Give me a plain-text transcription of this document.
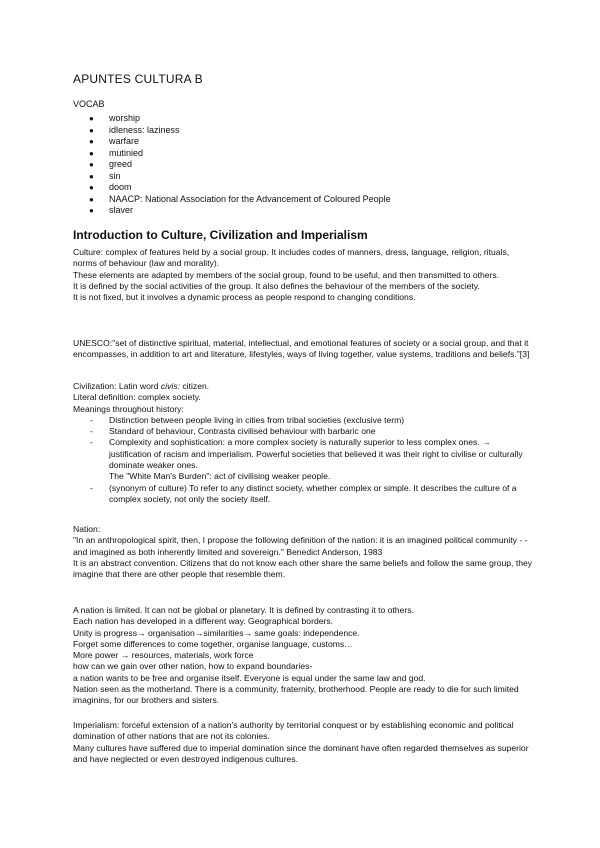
APUNTES CULTURA B
VOCAB
● worship
● idleness: laziness
● warfare
● mutinied
● greed
● sin
● doom
● NAACP: National Association for the Advancement of Coloured People
● slaver
Introduction to Culture, Civilization and Imperialism

Culture: complex of features held by a social group. It includes codes of manners, dress, language, religion, rituals, norms of behaviour (law and morality).

These elements are adapted by members of the social group, found to be useful, and then transmitted to others.

It is defined by the social activities of the group. It also defines the behaviour of the members of the society.

It is not fixed, but it involves a dynamic process as people respond to changing conditions.

UNESCO:"set of distinctive spiritual, material, intellectual, and emotional features of society or a social group, and that it encompasses, in addition to art and literature, lifestyles, ways of living together, value systems, traditions and beliefs."[3]

Civilization: Latin word civis: citizen.

Literal definition: complex society.

Meanings throughout history:

- Distinction between people living in cities from tribal societies (exclusive term)
- Standard of behaviour, Contrasta civilised behaviour with barbaric one
- Complexity and sophistication: a more complex society is naturally superior to less complex ones. → justification of racism and imperialism. Powerful societies that believed it was their right to civilise or culturally dominate weaker ones.
The "White Man's Burden": act of civilising weaker people.
- (synonym of culture) To refer to any distinct society, whether complex or simple. It describes the culture of a complex society, not only the society itself.

Nation:

"In an anthropological spirit, then, I propose the following definition of the nation: it is an imagined political community - - and imagined as both inherently limited and sovereign." Benedict Anderson, 1983

It is an abstract convention. Citizens that do not know each other share the same beliefs and follow the same group, they imagine that there are other people that resemble them.

A nation is limited. It can not be global or planetary. It is defined by contrasting it to others.

Each nation has developed in a different way. Geographical borders.

Unity is progress→ organisation→similarities→ same goals: independence.

Forget some differences to come together, organise language, customs…

More power → resources, materials, work force

how can we gain over other nation, how to expand boundaries-

a nation wants to be free and organise itself. Everyone is equal under the same law and god.

Nation seen as the motherland. There is a community, fraternity, brotherhood. People are ready to die for such limited imaginins, for our brothers and sisters.

Imperialism: forceful extension of a nation's authority by territorial conquest or by establishing economic and political domination of other nations that are not its colonies.

Many cultures have suffered due to imperial domination since the dominant have often regarded themselves as superior and have neglected or even destroyed indigenous cultures.
